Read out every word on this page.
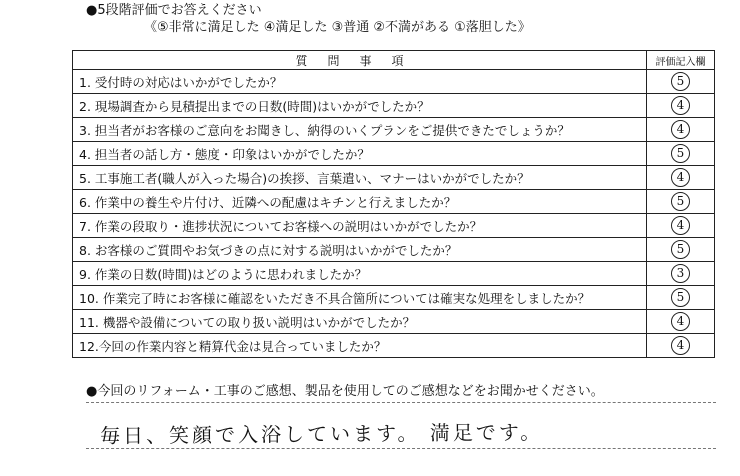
●5段階評価でお答えください
《⑤非常に満足した ④満足した ③普通 ②不満がある ①落胆した》
質問事項	評価記入欄
1. 受付時の対応はいかがでしたか？	5
2. 現場調査から見積提出までの日数(時間)はいかがでしたか？	4
3. 担当者がお客様のご意向をお聞きし、納得のいくプランをご提供できたでしょうか？	4
4. 担当者の話し方・態度・印象はいかがでしたか？	5
5. 工事施工者(職人が入った場合)の挨拶、言葉遣い、マナーはいかがでしたか？	4
6. 作業中の養生や片付け、近隣への配慮はキチンと行えましたか？	5
7. 作業の段取り・進捗状況についてお客様への説明はいかがでしたか？	4
8. お客様のご質問やお気づきの点に対する説明はいかがでしたか？	5
9. 作業の日数(時間)はどのように思われましたか？	3
10. 作業完了時にお客様に確認をいただき不具合箇所については確実な処理をしましたか？	5
11. 機器や設備についての取り扱い説明はいかがでしたか？	4
12.今回の作業内容と精算代金は見合っていましたか？	4
●今回のリフォーム・工事のご感想、製品を使用してのご感想などをお聞かせください。
毎日、笑顔で入浴しています。 満足です。
